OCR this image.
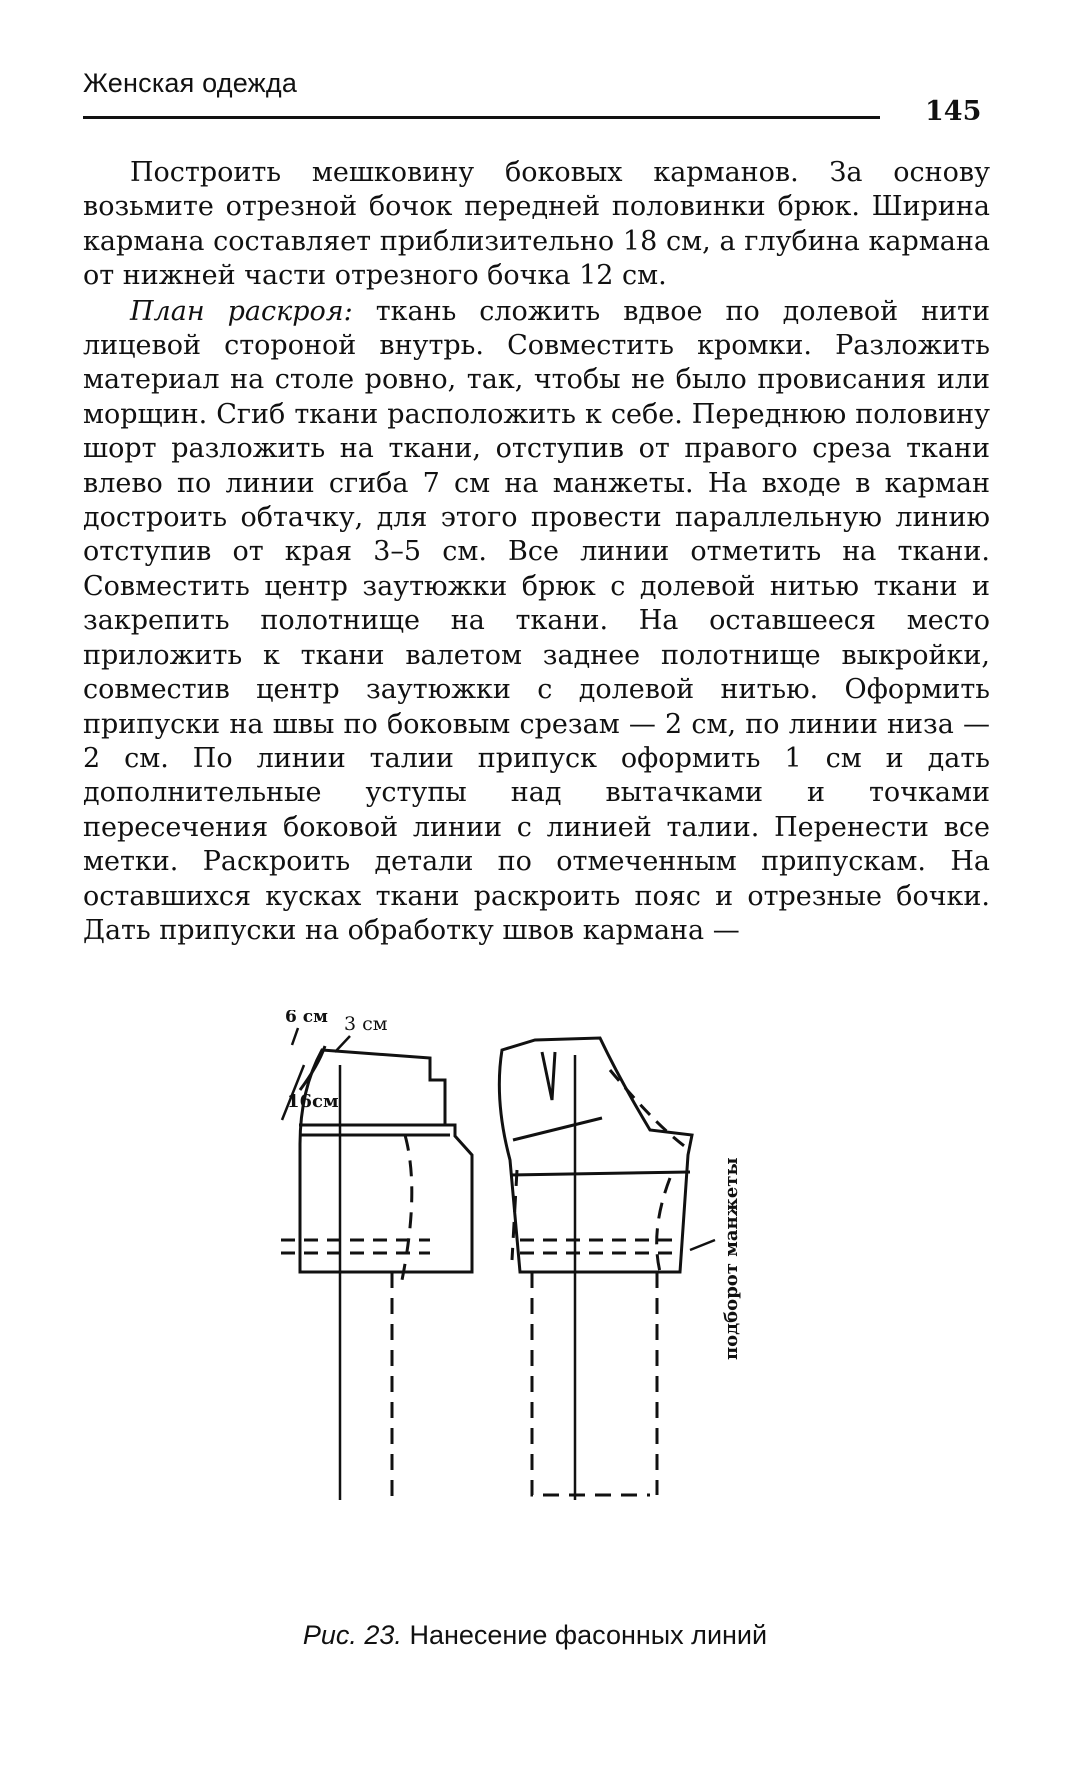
Женская одежда
145

Построить мешковину боковых карманов. За основу возьмите отрезной бочок передней половинки брюк. Ширина кармана составляет приблизительно 18 см, а глубина кармана от нижней части отрезного бочка 12 см.

План раскроя: ткань сложить вдвое по долевой нити лицевой стороной внутрь. Совместить кромки. Разложить материал на столе ровно, так, чтобы не было провисания или морщин. Сгиб ткани расположить к себе. Переднюю половину шорт разложить на ткани, отступив от правого среза ткани влево по линии сгиба 7 см на манжеты. На входе в карман достроить обтачку, для этого провести параллельную линию отступив от края 3–5 см. Все линии отметить на ткани. Совместить центр заутюжки брюк с долевой нитью ткани и закрепить полотнище на ткани. На оставшееся место приложить к ткани валетом заднее полотнище выкройки, совместив центр заутюжки с долевой нитью. Оформить припуски на швы по боковым срезам — 2 см, по линии низа — 2 см. По линии талии припуск оформить 1 см и дать дополнительные уступы над вытачками и точками пересечения боковой линии с линией талии. Перенести все метки. Раскроить детали по отмеченным припускам. На оставшихся кусках ткани раскроить пояс и отрезные бочки. Дать припуски на обработку швов кармана —

6 см 3 см
16см
подборот манжеты
Рис. 23. Нанесение фасонных линий
